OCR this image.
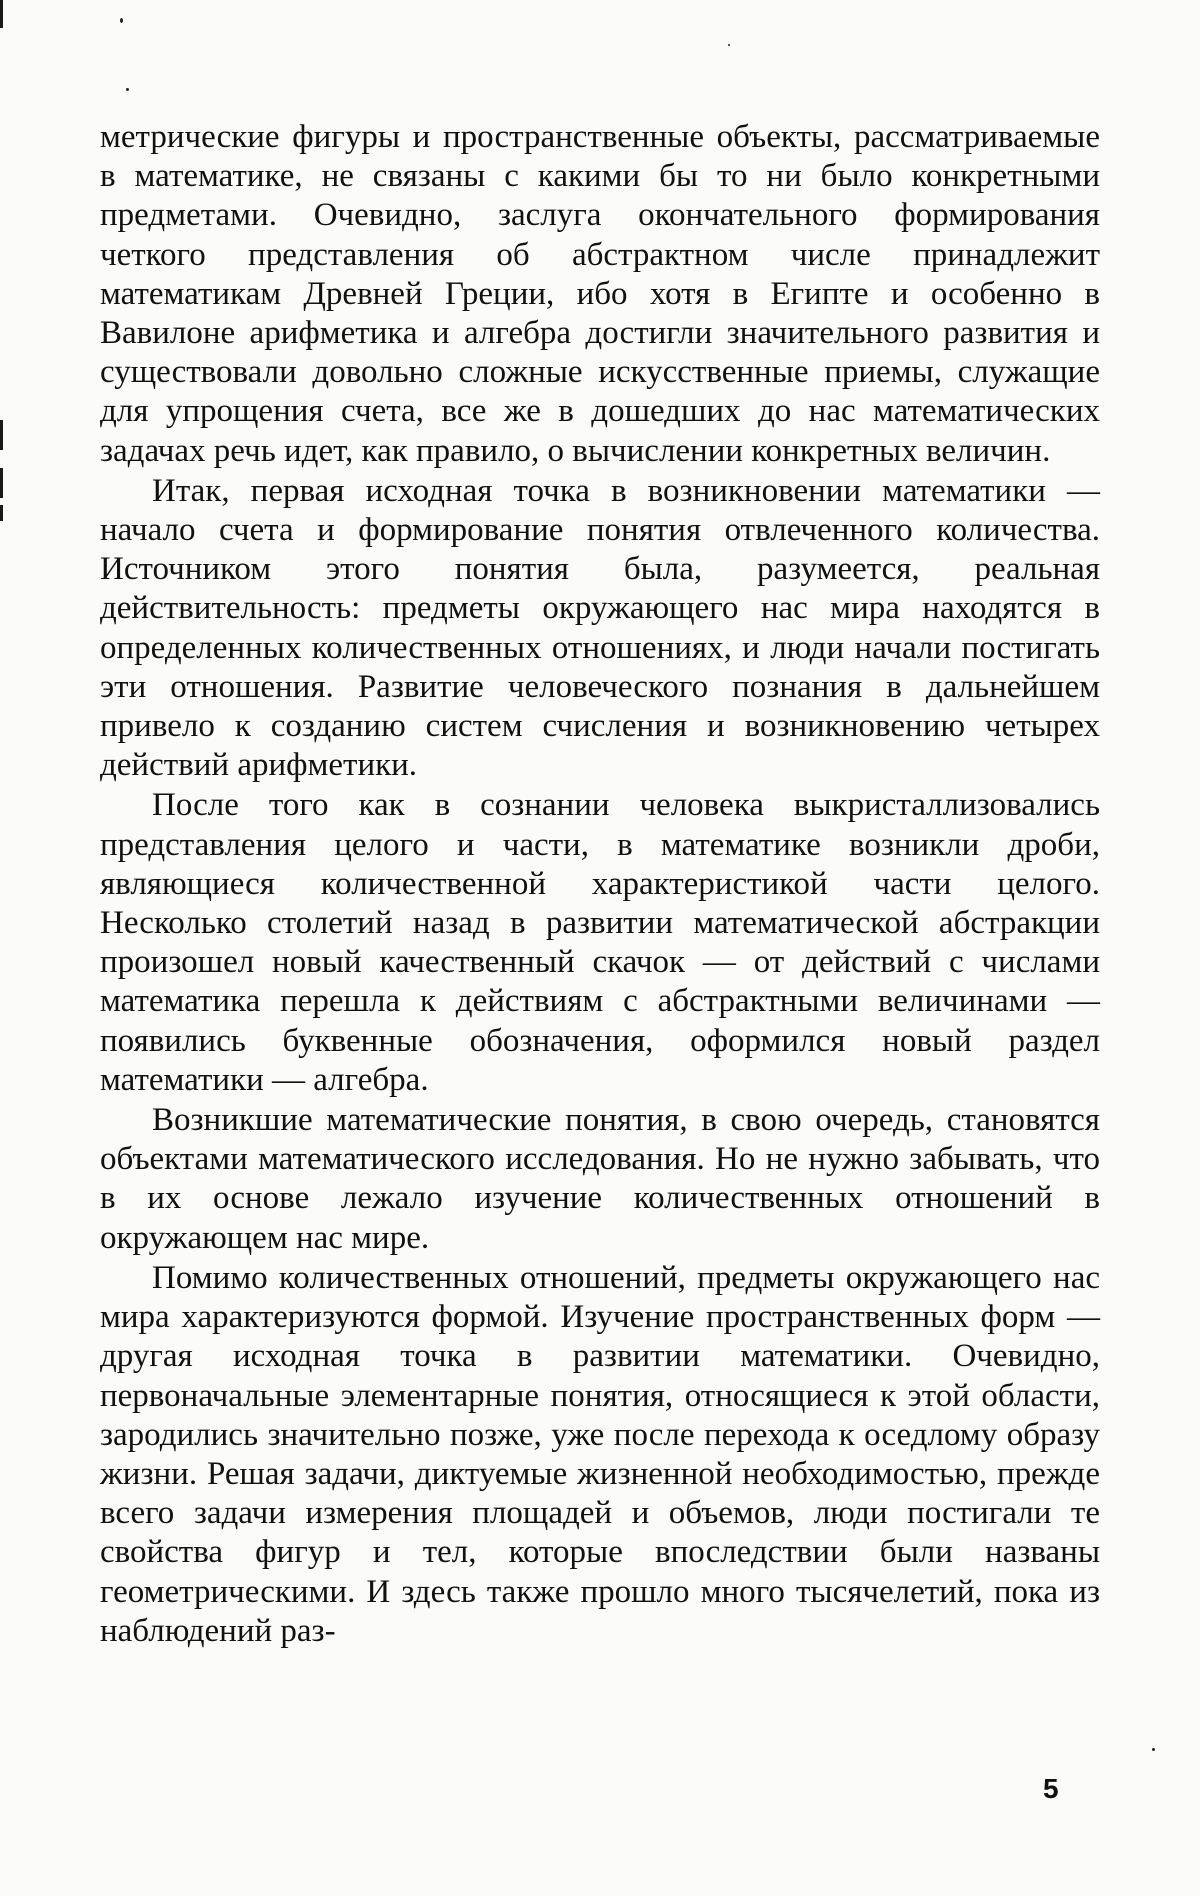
метрические фигуры и пространственные объекты, рассматриваемые в математике, не связаны с какими бы то ни было конкретными предметами. Очевидно, заслуга окончательного формирования четкого представления об абстрактном числе принадлежит математикам Древней Греции, ибо хотя в Египте и особенно в Вавилоне арифметика и алгебра достигли значительного развития и существовали довольно сложные искусственные приемы, служащие для упрощения счета, все же в дошедших до нас математических задачах речь идет, как правило, о вычислении конкретных величин.

Итак, первая исходная точка в возникновении математики — начало счета и формирование понятия отвлеченного количества. Источником этого понятия была, разумеется, реальная действительность: предметы окружающего нас мира находятся в определенных количественных отношениях, и люди начали постигать эти отношения. Развитие человеческого познания в дальнейшем привело к созданию систем счисления и возникновению четырех действий арифметики.

После того как в сознании человека выкристаллизовались представления целого и части, в математике возникли дроби, являющиеся количественной характеристикой части целого. Несколько столетий назад в развитии математической абстракции произошел новый качественный скачок — от действий с числами математика перешла к действиям с абстрактными величинами — появились буквенные обозначения, оформился новый раздел математики — алгебра.

Возникшие математические понятия, в свою очередь, становятся объектами математического исследования. Но не нужно забывать, что в их основе лежало изучение количественных отношений в окружающем нас мире.

Помимо количественных отношений, предметы окружающего нас мира характеризуются формой. Изучение пространственных форм — другая исходная точка в развитии математики. Очевидно, первоначальные элементарные понятия, относящиеся к этой области, зародились значительно позже, уже после перехода к оседлому образу жизни. Решая задачи, диктуемые жизненной необходимостью, прежде всего задачи измерения площадей и объемов, люди постигали те свойства фигур и тел, которые впоследствии были названы геометрическими. И здесь также прошло много тысячелетий, пока из наблюдений раз-

5
